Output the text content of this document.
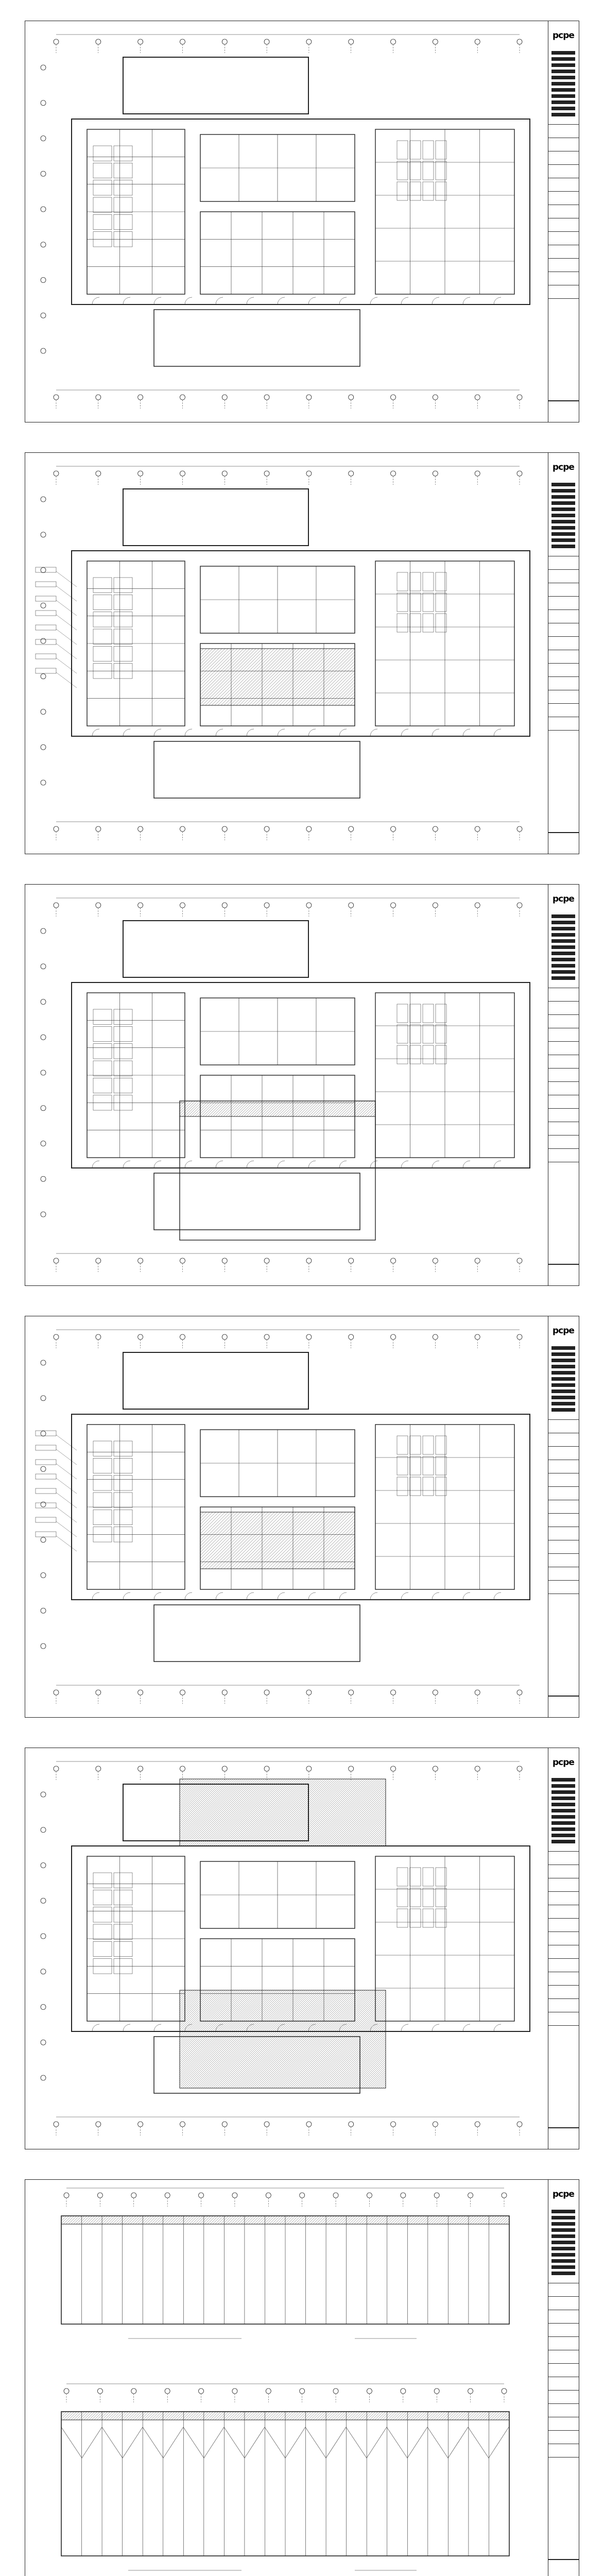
pcpe
pcpe
pcpe
pcpe
pcpe
pcpe
